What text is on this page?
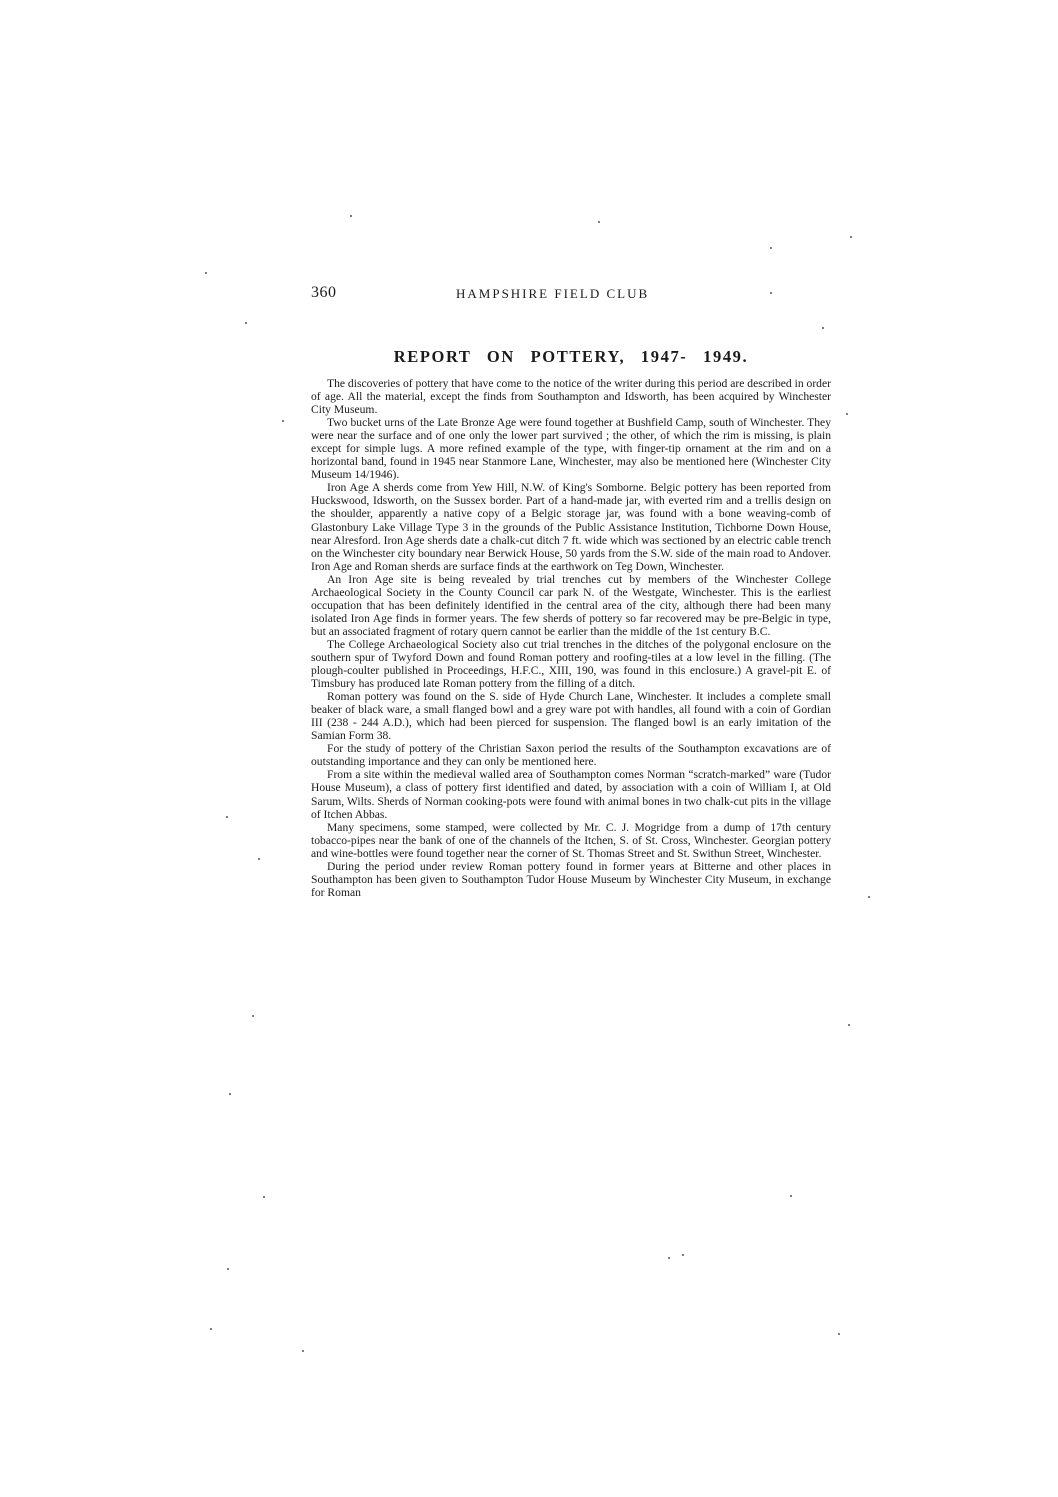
360	HAMPSHIRE FIELD CLUB
REPORT ON POTTERY, 1947- 1949.

The discoveries of pottery that have come to the notice of the writer during this period are described in order of age. All the material, except the finds from Southampton and Idsworth, has been acquired by Winchester City Museum.

Two bucket urns of the Late Bronze Age were found together at Bushfield Camp, south of Winchester. They were near the surface and of one only the lower part survived ; the other, of which the rim is missing, is plain except for simple lugs. A more refined example of the type, with finger-tip ornament at the rim and on a horizontal band, found in 1945 near Stanmore Lane, Winchester, may also be mentioned here (Winchester City Museum 14/1946).

Iron Age A sherds come from Yew Hill, N.W. of King's Somborne. Belgic pottery has been reported from Huckswood, Idsworth, on the Sussex border. Part of a hand-made jar, with everted rim and a trellis design on the shoulder, apparently a native copy of a Belgic storage jar, was found with a bone weaving-comb of Glastonbury Lake Village Type 3 in the grounds of the Public Assistance Institution, Tichborne Down House, near Alresford. Iron Age sherds date a chalk-cut ditch 7 ft. wide which was sectioned by an electric cable trench on the Winchester city boundary near Berwick House, 50 yards from the S.W. side of the main road to Andover. Iron Age and Roman sherds are surface finds at the earthwork on Teg Down, Winchester.

An Iron Age site is being revealed by trial trenches cut by members of the Winchester College Archaeological Society in the County Council car park N. of the Westgate, Winchester. This is the earliest occupation that has been definitely identified in the central area of the city, although there had been many isolated Iron Age finds in former years. The few sherds of pottery so far recovered may be pre-Belgic in type, but an associated fragment of rotary quern cannot be earlier than the middle of the 1st century B.C.

The College Archaeological Society also cut trial trenches in the ditches of the polygonal enclosure on the southern spur of Twyford Down and found Roman pottery and roofing-tiles at a low level in the filling. (The plough-coulter published in Proceedings, H.F.C., XIII, 190, was found in this enclosure.) A gravel-pit E. of Timsbury has produced late Roman pottery from the filling of a ditch.

Roman pottery was found on the S. side of Hyde Church Lane, Winchester. It includes a complete small beaker of black ware, a small flanged bowl and a grey ware pot with handles, all found with a coin of Gordian III (238 - 244 A.D.), which had been pierced for suspension. The flanged bowl is an early imitation of the Samian Form 38.

For the study of pottery of the Christian Saxon period the results of the Southampton excavations are of outstanding importance and they can only be mentioned here.

From a site within the medieval walled area of Southampton comes Norman “scratch-marked” ware (Tudor House Museum), a class of pottery first identified and dated, by association with a coin of William I, at Old Sarum, Wilts. Sherds of Norman cooking-pots were found with animal bones in two chalk-cut pits in the village of Itchen Abbas.

Many specimens, some stamped, were collected by Mr. C. J. Mogridge from a dump of 17th century tobacco-pipes near the bank of one of the channels of the Itchen, S. of St. Cross, Winchester. Georgian pottery and wine-bottles were found together near the corner of St. Thomas Street and St. Swithun Street, Winchester.

During the period under review Roman pottery found in former years at Bitterne and other places in Southampton has been given to Southampton Tudor House Museum by Winchester City Museum, in exchange for Roman
